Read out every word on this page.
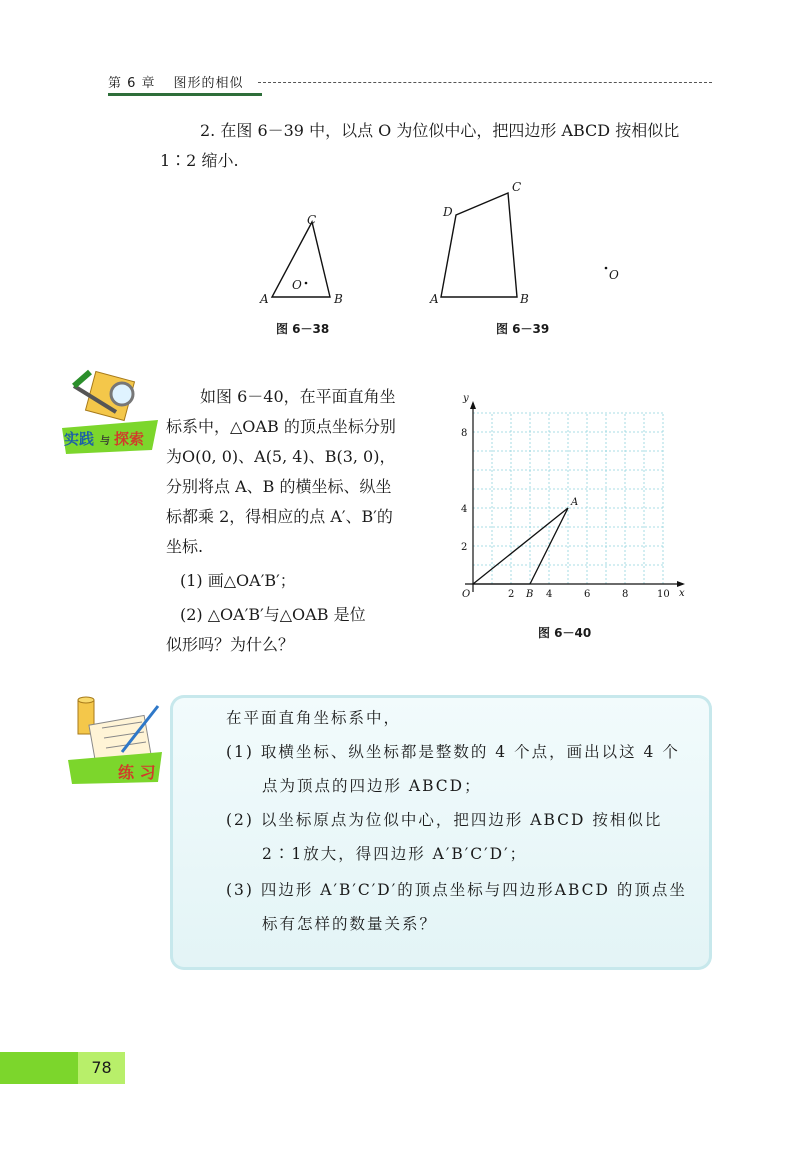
第 6 章 图形的相似
2. 在图 6－39 中，以点 O 为位似中心，把四边形 ABCD 按相似比
1∶2 缩小.
C
O
A	B
图 6－38
C
D
A	B
O
图 6－39
实践 与 探索
如图 6－40，在平面直角坐
标系中，△OAB 的顶点坐标分别
为O(0, 0)、A(5, 4)、B(3, 0)，
分别将点 A、B 的横坐标、纵坐
标都乘 2，得相应的点 A′、B′的
坐标.
(1) 画△OA′B′；
(2) △OA′B′与△OAB 是位
似形吗？为什么？
x
y
O	2	4	6	8	10
2
4
8
A
B
图 6－40
练 习
在平面直角坐标系中，
(1) 取横坐标、纵坐标都是整数的 4 个点，画出以这 4 个
点为顶点的四边形 ABCD；
(2) 以坐标原点为位似中心，把四边形 ABCD 按相似比
2∶1放大，得四边形 A′B′C′D′；
(3) 四边形 A′B′C′D′的顶点坐标与四边形ABCD 的顶点坐
标有怎样的数量关系？
78
